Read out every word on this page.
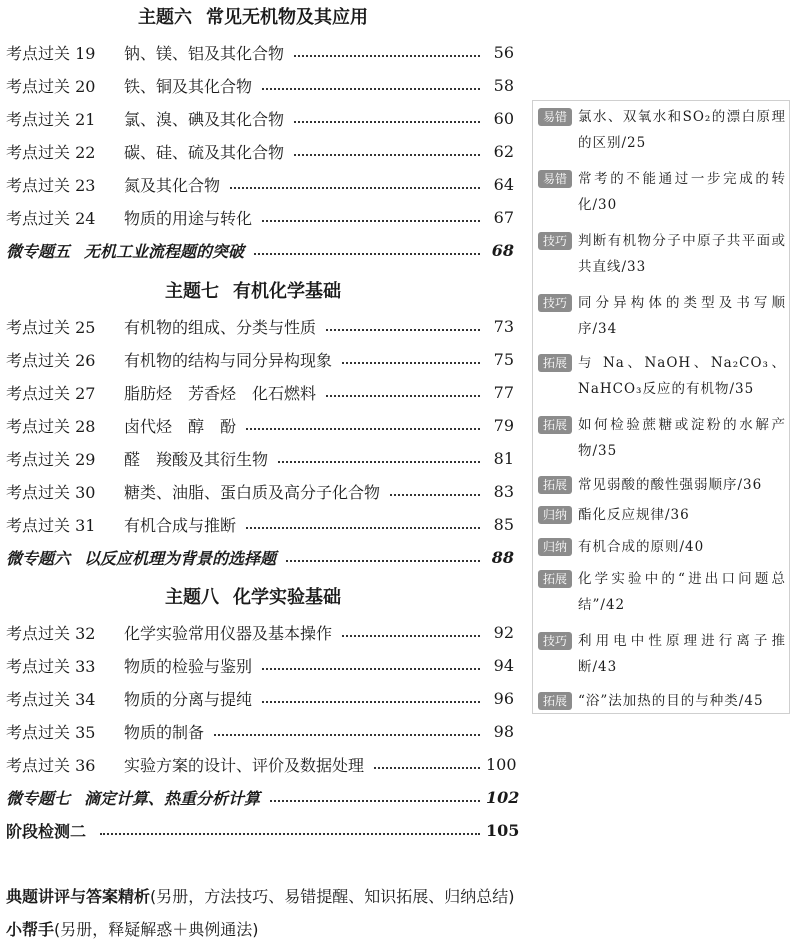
主题六 常见无机物及其应用
主题七 有机化学基础
主题八 化学实验基础
考点过关 19	钠、镁、铝及其化合物	56
考点过关 20	铁、铜及其化合物	58
考点过关 21	氯、溴、碘及其化合物	60
考点过关 22	碳、硅、硫及其化合物	62
考点过关 23	氮及其化合物	64
考点过关 24	物质的用途与转化	67
微专题五 无机工业流程题的突破	68
考点过关 25	有机物的组成、分类与性质	73
考点过关 26	有机物的结构与同分异构现象	75
考点过关 27	脂肪烃　芳香烃　化石燃料	77
考点过关 28	卤代烃　醇　酚	79
考点过关 29	醛　羧酸及其衍生物	81
考点过关 30	糖类、油脂、蛋白质及高分子化合物	83
考点过关 31	有机合成与推断	85
微专题六 以反应机理为背景的选择题	88
考点过关 32	化学实验常用仪器及基本操作	92
考点过关 33	物质的检验与鉴别	94
考点过关 34	物质的分离与提纯	96
考点过关 35	物质的制备	98
考点过关 36	实验方案的设计、评价及数据处理	100
微专题七 滴定计算、热重分析计算	102
阶段检测二	105
易错 氯水、双氧水和SO₂的漂白原理的区别/25
易错 常考的不能通过一步完成的转化/30
技巧 判断有机物分子中原子共平面或共直线/33
技巧 同分异构体的类型及书写顺序/34
拓展 与 Na、NaOH、Na₂CO₃、NaHCO₃反应的有机物/35
拓展 如何检验蔗糖或淀粉的水解产物/35
拓展 常见弱酸的酸性强弱顺序/36
归纳 酯化反应规律/36
归纳 有机合成的原则/40
拓展 化学实验中的“进出口问题总结”/42
技巧 利用电中性原理进行离子推断/43
拓展 “浴”法加热的目的与种类/45
典题讲评与答案精析(另册，方法技巧、易错提醒、知识拓展、归纳总结)
小帮手(另册，释疑解惑＋典例通法)
